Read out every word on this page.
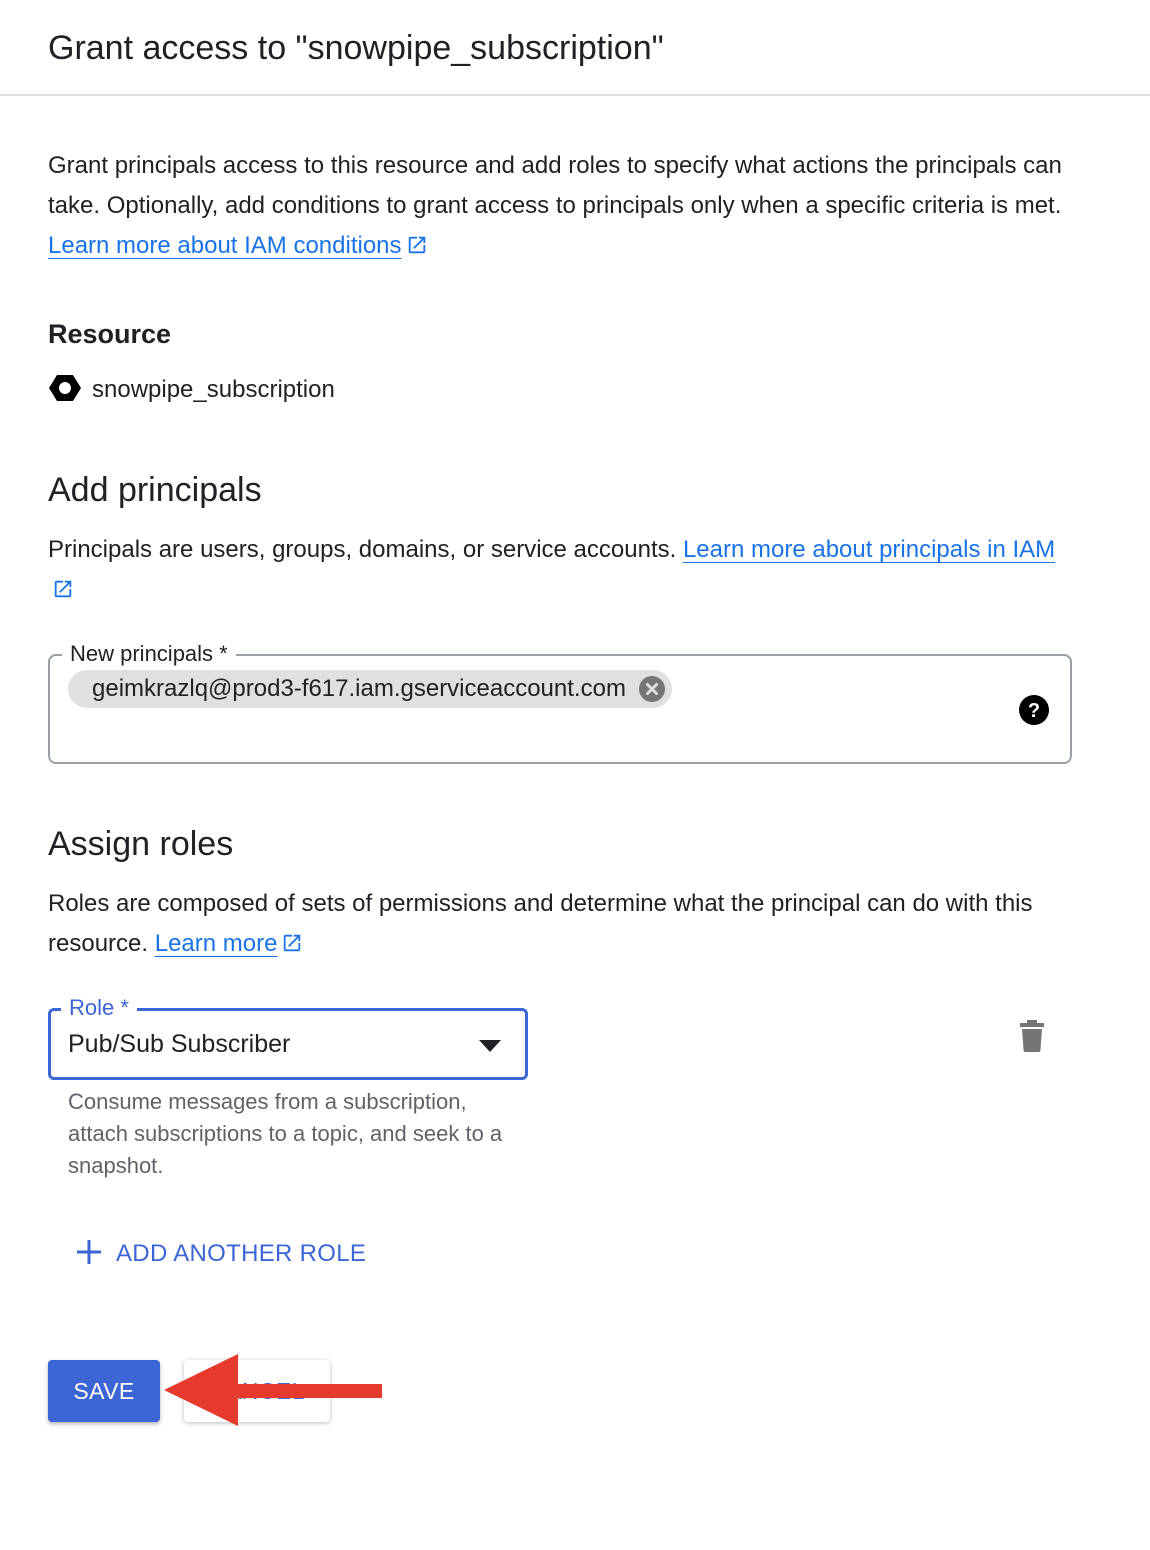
Grant access to "snowpipe_subscription"
Grant principals access to this resource and add roles to specify what actions the principals can take. Optionally, add conditions to grant access to principals only when a specific criteria is met. Learn more about IAM conditions
Resource
snowpipe_subscription
Add principals
Principals are users, groups, domains, or service accounts. Learn more about principals in IAM
New principals *
geimkrazlq@prod3-f617.iam.gserviceaccount.com
?
Assign roles
Roles are composed of sets of permissions and determine what the principal can do with this resource. Learn more
Role *
Pub/Sub Subscriber
Consume messages from a subscription, attach subscriptions to a topic, and seek to a snapshot.
ADD ANOTHER ROLE
SAVE
